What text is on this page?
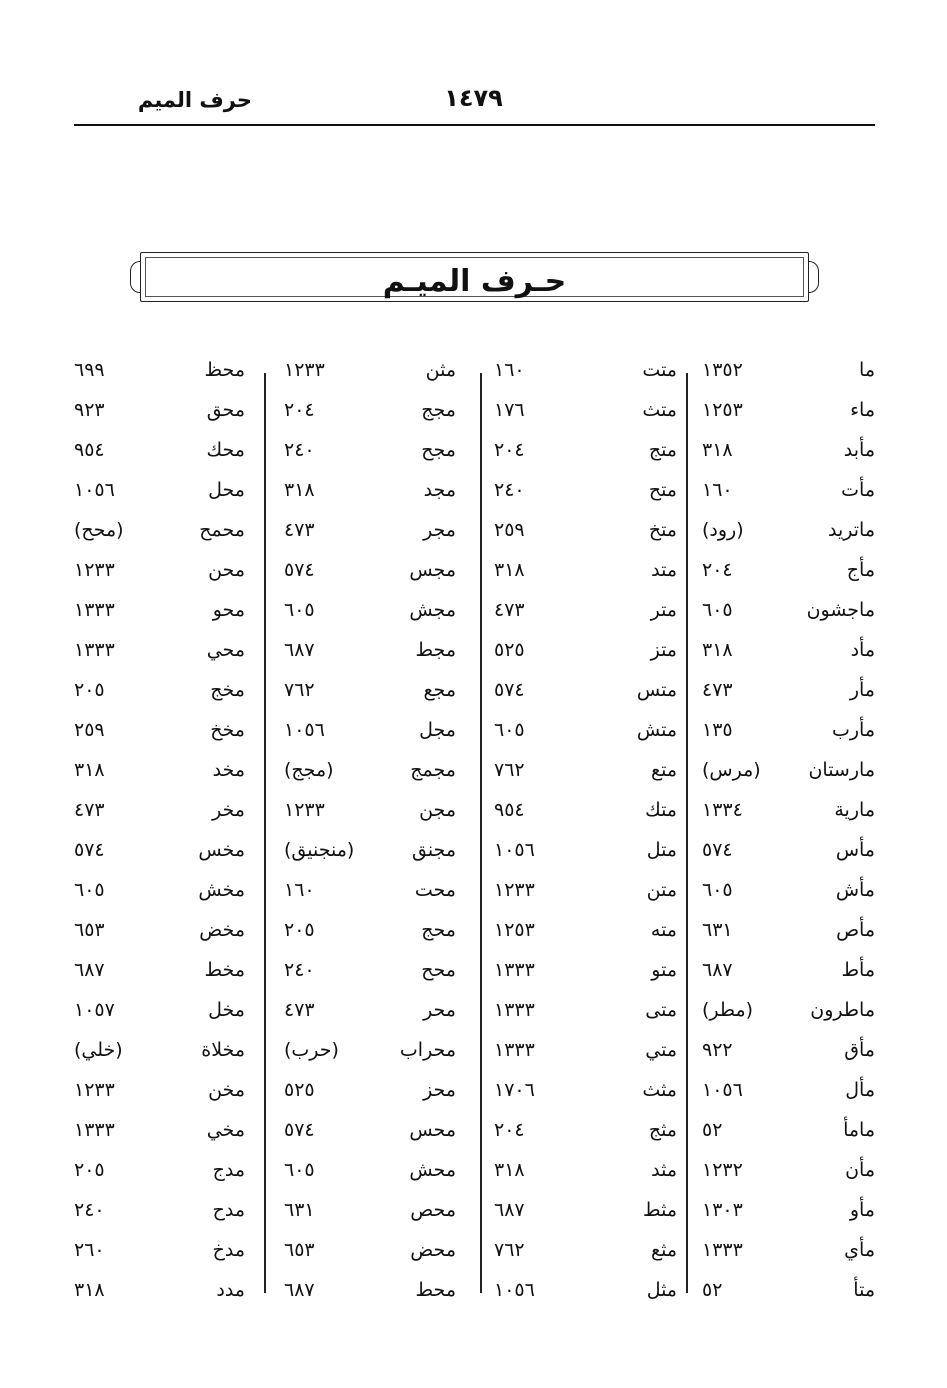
حرف الميم	١٤٧٩
حـرف الميـم
ما
١٣٥٢
ماء
١٢٥٣
مأبد
٣١٨
مأت
١٦٠
ماتريد
(رود)
مأج
٢٠٤
ماجشون
٦٠٥
مأد
٣١٨
مأر
٤٧٣
مأرب
١٣٥
مارستان
(مرس)
مارية
١٣٣٤
مأس
٥٧٤
مأش
٦٠٥
مأص
٦٣١
مأط
٦٨٧
ماطرون
(مطر)
مأق
٩٢٢
مأل
١٠٥٦
مامأ
٥٢
مأن
١٢٣٢
مأو
١٣٠٣
مأي
١٣٣٣
متأ
٥٢
متت
١٦٠
متث
١٧٦
متج
٢٠٤
متح
٢٤٠
متخ
٢٥٩
متد
٣١٨
متر
٤٧٣
متز
٥٢٥
متس
٥٧٤
متش
٦٠٥
متع
٧٦٢
متك
٩٥٤
متل
١٠٥٦
متن
١٢٣٣
مته
١٢٥٣
متو
١٣٣٣
متى
١٣٣٣
متي
١٣٣٣
مثث
١٧٠٦
مثج
٢٠٤
مثد
٣١٨
مثط
٦٨٧
مثع
٧٦٢
مثل
١٠٥٦
مثن
١٢٣٣
مجج
٢٠٤
مجح
٢٤٠
مجد
٣١٨
مجر
٤٧٣
مجس
٥٧٤
مجش
٦٠٥
مجط
٦٨٧
مجع
٧٦٢
مجل
١٠٥٦
مجمج
(مجج)
مجن
١٢٣٣
مجنق
(منجنيق)
محت
١٦٠
محج
٢٠٥
محح
٢٤٠
محر
٤٧٣
محراب
(حرب)
محز
٥٢٥
محس
٥٧٤
محش
٦٠٥
محص
٦٣١
محض
٦٥٣
محط
٦٨٧
محظ
٦٩٩
محق
٩٢٣
محك
٩٥٤
محل
١٠٥٦
محمح
(محح)
محن
١٢٣٣
محو
١٣٣٣
محي
١٣٣٣
مخج
٢٠٥
مخخ
٢٥٩
مخد
٣١٨
مخر
٤٧٣
مخس
٥٧٤
مخش
٦٠٥
مخض
٦٥٣
مخط
٦٨٧
مخل
١٠٥٧
مخلاة
(خلي)
مخن
١٢٣٣
مخي
١٣٣٣
مدج
٢٠٥
مدح
٢٤٠
مدخ
٢٦٠
مدد
٣١٨
